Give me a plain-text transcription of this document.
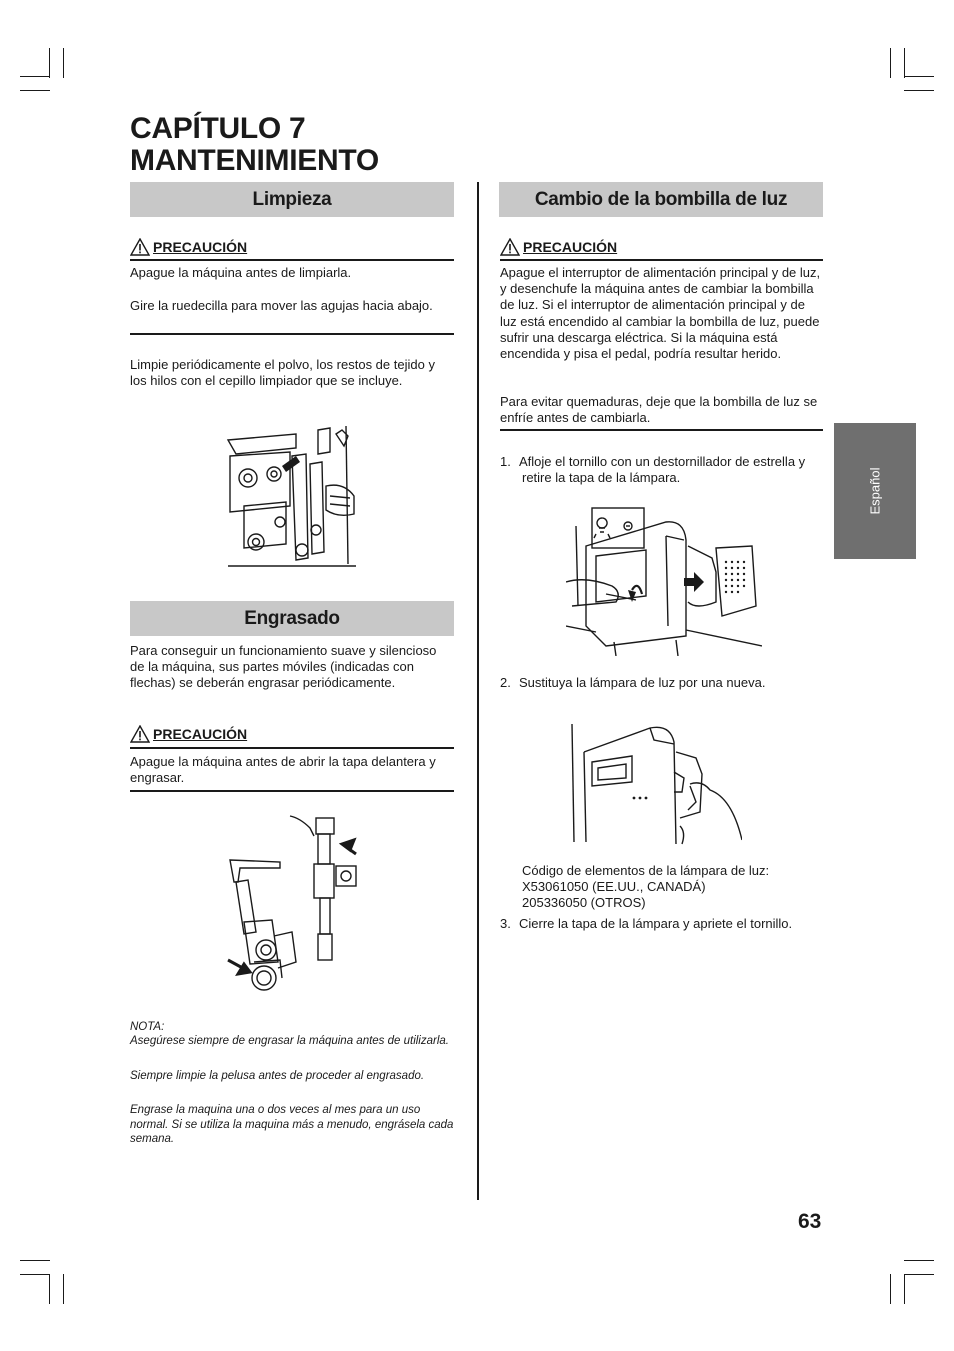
CAPÍTULO 7
MANTENIMIENTO
Limpieza
PRECAUCIÓN
Apague la máquina antes de limpiarla.
Gire la ruedecilla para mover las agujas hacia abajo.
Limpie periódicamente el polvo, los restos de tejido y los hilos con el cepillo limpiador que se incluye.
Engrasado
Para conseguir un funcionamiento suave y silencioso de la máquina, sus partes móviles (indicadas con flechas) se deberán engrasar periódicamente.
PRECAUCIÓN
Apague la máquina antes de abrir la tapa delantera y engrasar.
NOTA:
Asegúrese siempre de engrasar la máquina antes de utilizarla.
Siempre limpie la pelusa antes de proceder al engrasado.
Engrase la maquina una o dos veces al mes para un uso normal. Si se utiliza la maquina más a menudo, engrásela cada semana.
Cambio de la bombilla de luz
PRECAUCIÓN
Apague el interruptor de alimentación principal y de luz, y desenchufe la máquina antes de cambiar la bombilla de luz. Si el interruptor de alimentación principal y de luz está encendido al cambiar la bombilla de luz, puede sufrir una descarga eléctrica. Si la máquina está encendida y pisa el pedal, podría resultar herido.
Para evitar quemaduras, deje que la bombilla de luz se enfríe antes de cambiarla.
1. Afloje el tornillo con un destornillador de estrella y retire la tapa de la lámpara.
2. Sustituya la lámpara de luz por una nueva.
Código de elementos de la lámpara de luz:
X53061050 (EE.UU., CANADÁ)
205336050 (OTROS)
3. Cierre la tapa de la lámpara y apriete el tornillo.
Español
63
